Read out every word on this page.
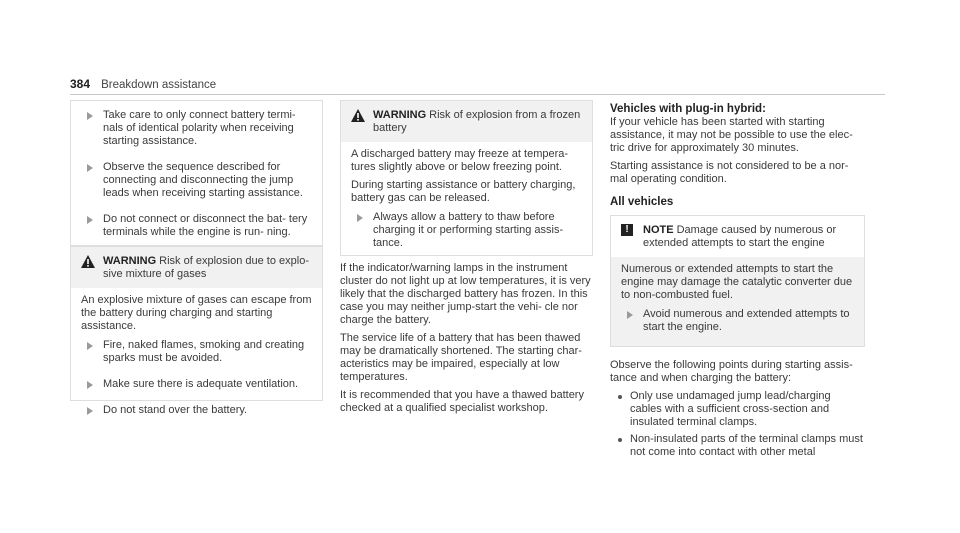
384 Breakdown assistance
Take care to only connect battery termi- nals of identical polarity when receiving starting assistance.
Observe the sequence described for connecting and disconnecting the jump leads when receiving starting assistance.
Do not connect or disconnect the bat- tery terminals while the engine is run- ning.
WARNING Risk of explosion due to explo- sive mixture of gases

An explosive mixture of gases can escape from the battery during charging and starting assistance.

Fire, naked flames, smoking and creating sparks must be avoided.
Make sure there is adequate ventilation.
Do not stand over the battery.
WARNING Risk of explosion from a frozen battery

A discharged battery may freeze at tempera- tures slightly above or below freezing point.

During starting assistance or battery charging, battery gas can be released.

Always allow a battery to thaw before charging it or performing starting assis- tance.

If the indicator/warning lamps in the instrument cluster do not light up at low temperatures, it is very likely that the discharged battery has frozen. In this case you may neither jump-start the vehi- cle nor charge the battery.

The service life of a battery that has been thawed may be dramatically shortened. The starting char- acteristics may be impaired, especially at low temperatures.

It is recommended that you have a thawed battery checked at a qualified specialist workshop.

Vehicles with plug-in hybrid:

If your vehicle has been started with starting assistance, it may not be possible to use the elec- tric drive for approximately 30 minutes.

Starting assistance is not considered to be a nor- mal operating condition.

All vehicles
!	NOTE Damage caused by numerous or extended attempts to start the engine

Numerous or extended attempts to start the engine may damage the catalytic converter due to non-combusted fuel.

Avoid numerous and extended attempts to start the engine.

Observe the following points during starting assis- tance and when charging the battery:

Only use undamaged jump lead/charging cables with a sufficient cross-section and insulated terminal clamps.
Non-insulated parts of the terminal clamps must not come into contact with other metal
